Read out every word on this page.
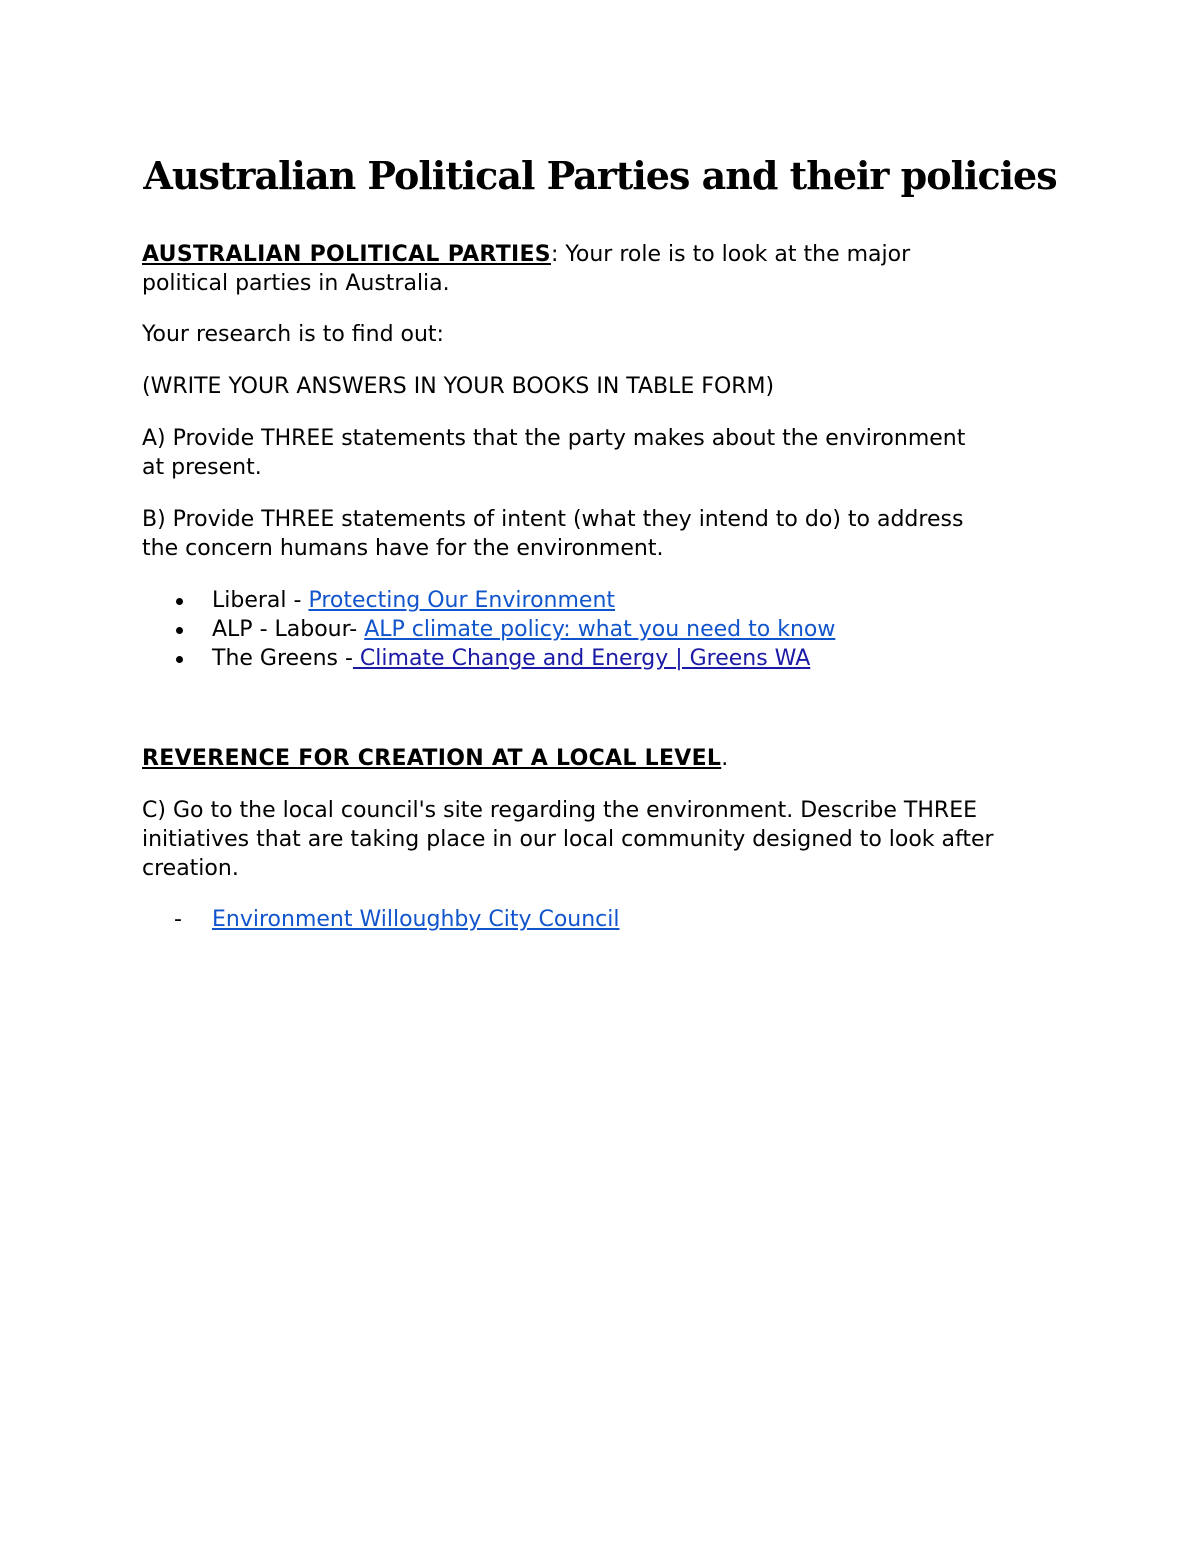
Australian Political Parties and their policies

AUSTRALIAN POLITICAL PARTIES: Your role is to look at the major

political parties in Australia.

Your research is to find out:

(WRITE YOUR ANSWERS IN YOUR BOOKS IN TABLE FORM)

A) Provide THREE statements that the party makes about the environment

at present.

B) Provide THREE statements of intent (what they intend to do) to address

the concern humans have for the environment.

Liberal - Protecting Our Environment
ALP - Labour- ALP climate policy: what you need to know
The Greens - Climate Change and Energy | Greens WA

REVERENCE FOR CREATION AT A LOCAL LEVEL.

C) Go to the local council's site regarding the environment. Describe THREE

initiatives that are taking place in our local community designed to look after

creation.

- Environment Willoughby City Council
